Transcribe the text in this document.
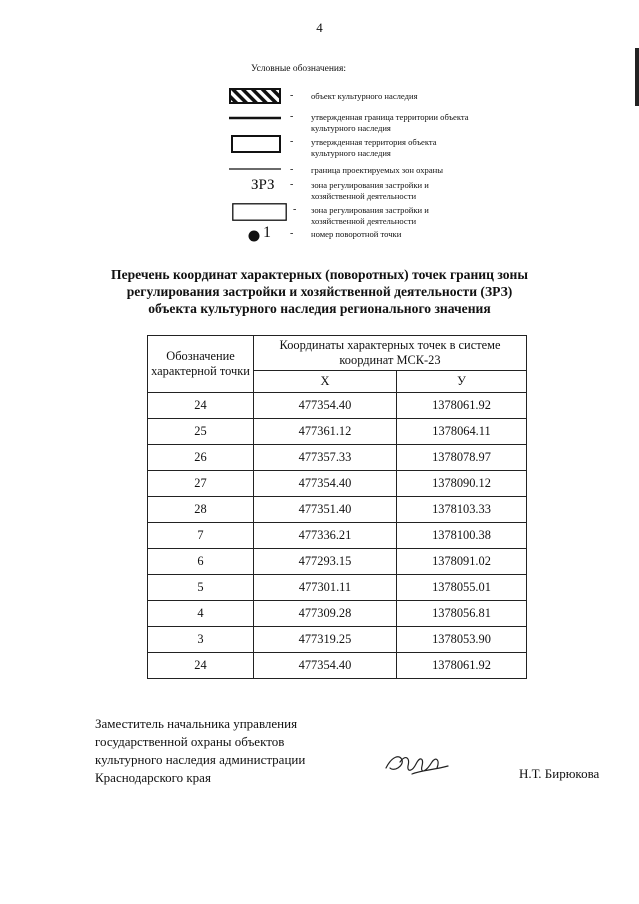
4
Условные обозначения:
- объект культурного наследия
- утвержденная граница территории объекта культурного наследия
- утвержденная территория объекта культурного наследия
- граница проектируемых зон охраны
ЗРЗ - зона регулирования застройки и хозяйственной деятельности
- зона регулирования застройки и хозяйственной деятельности
1 - номер поворотной точки
Перечень координат характерных (поворотных) точек границ зоны регулирования застройки и хозяйственной деятельности (ЗРЗ) объекта культурного наследия регионального значения
Обозначение характерной точки	Координаты характерных точек в системе координат МСК-23	
	Х	У
24	477354.40	1378061.92
25	477361.12	1378064.11
26	477357.33	1378078.97
27	477354.40	1378090.12
28	477351.40	1378103.33
7	477336.21	1378100.38
6	477293.15	1378091.02
5	477301.11	1378055.01
4	477309.28	1378056.81
3	477319.25	1378053.90
24	477354.40	1378061.92
Заместитель начальника управления
государственной охраны объектов
культурного наследия администрации
Краснодарского края	Н.Т. Бирюкова
